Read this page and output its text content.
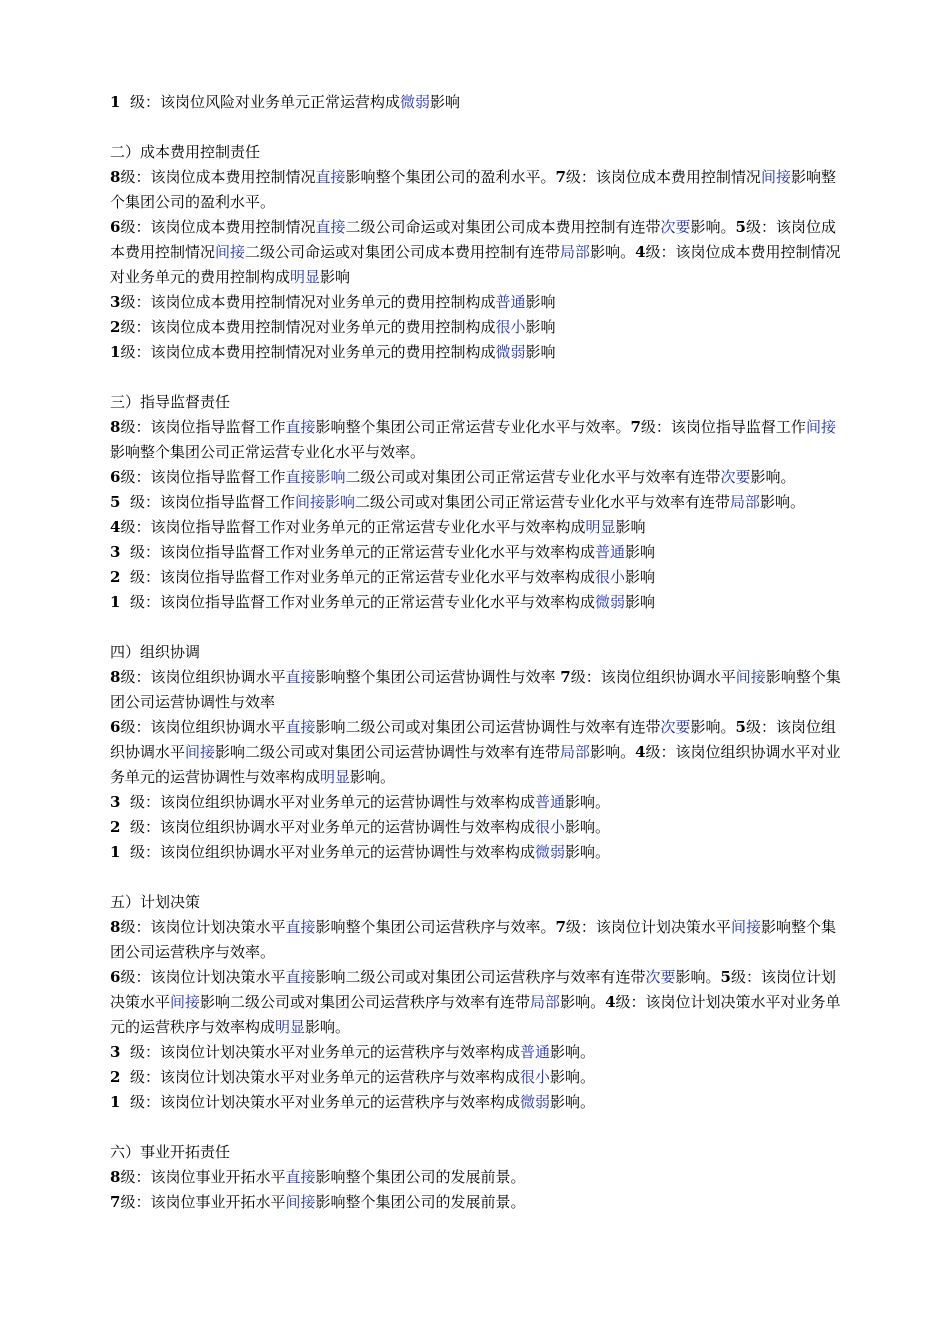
1  级：该岗位风险对业务单元正常运营构成微弱影响

二）成本费用控制责任

8级：该岗位成本费用控制情况直接影响整个集团公司的盈利水平。7级：该岗位成本费用控制情况间接影响整个集团公司的盈利水平。

6级：该岗位成本费用控制情况直接二级公司命运或对集团公司成本费用控制有连带次要影响。5级：该岗位成本费用控制情况间接二级公司命运或对集团公司成本费用控制有连带局部影响。4级：该岗位成本费用控制情况对业务单元的费用控制构成明显影响

3级：该岗位成本费用控制情况对业务单元的费用控制构成普通影响

2级：该岗位成本费用控制情况对业务单元的费用控制构成很小影响

1级：该岗位成本费用控制情况对业务单元的费用控制构成微弱影响

三）指导监督责任

8级：该岗位指导监督工作直接影响整个集团公司正常运营专业化水平与效率。7级：该岗位指导监督工作间接影响整个集团公司正常运营专业化水平与效率。

6级：该岗位指导监督工作直接影响二级公司或对集团公司正常运营专业化水平与效率有连带次要影响。

5  级：该岗位指导监督工作间接影响二级公司或对集团公司正常运营专业化水平与效率有连带局部影响。

4级：该岗位指导监督工作对业务单元的正常运营专业化水平与效率构成明显影响

3  级：该岗位指导监督工作对业务单元的正常运营专业化水平与效率构成普通影响

2  级：该岗位指导监督工作对业务单元的正常运营专业化水平与效率构成很小影响

1  级：该岗位指导监督工作对业务单元的正常运营专业化水平与效率构成微弱影响

四）组织协调

8级：该岗位组织协调水平直接影响整个集团公司运营协调性与效率 7级：该岗位组织协调水平间接影响整个集团公司运营协调性与效率

6级：该岗位组织协调水平直接影响二级公司或对集团公司运营协调性与效率有连带次要影响。5级：该岗位组织协调水平间接影响二级公司或对集团公司运营协调性与效率有连带局部影响。4级：该岗位组织协调水平对业务单元的运营协调性与效率构成明显影响。

3  级：该岗位组织协调水平对业务单元的运营协调性与效率构成普通影响。

2  级：该岗位组织协调水平对业务单元的运营协调性与效率构成很小影响。

1  级：该岗位组织协调水平对业务单元的运营协调性与效率构成微弱影响。

五）计划决策

8级：该岗位计划决策水平直接影响整个集团公司运营秩序与效率。7级：该岗位计划决策水平间接影响整个集团公司运营秩序与效率。

6级：该岗位计划决策水平直接影响二级公司或对集团公司运营秩序与效率有连带次要影响。5级：该岗位计划决策水平间接影响二级公司或对集团公司运营秩序与效率有连带局部影响。4级：该岗位计划决策水平对业务单元的运营秩序与效率构成明显影响。

3  级：该岗位计划决策水平对业务单元的运营秩序与效率构成普通影响。

2  级：该岗位计划决策水平对业务单元的运营秩序与效率构成很小影响。

1  级：该岗位计划决策水平对业务单元的运营秩序与效率构成微弱影响。

六）事业开拓责任

8级：该岗位事业开拓水平直接影响整个集团公司的发展前景。

7级：该岗位事业开拓水平间接影响整个集团公司的发展前景。
